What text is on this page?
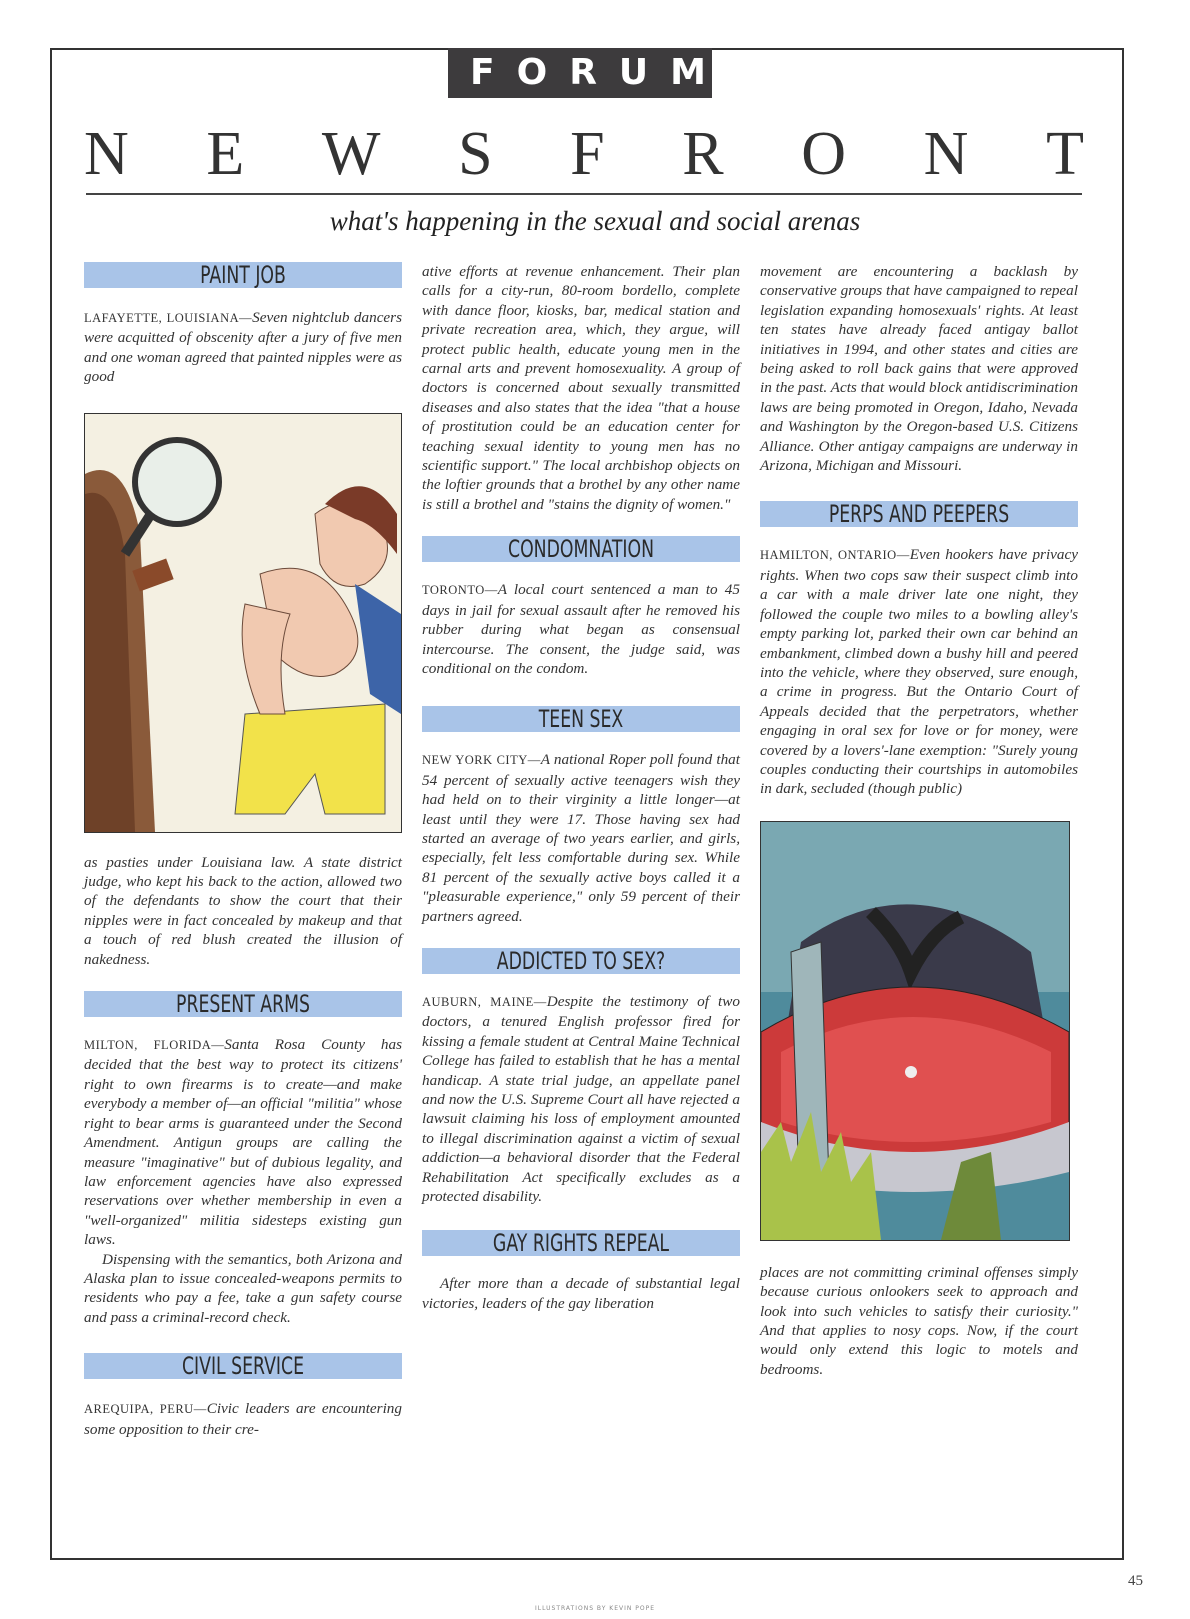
FORUM
N E W S F R O N T
what's happening in the sexual and social arenas
PAINT JOB

LAFAYETTE, LOUISIANA—Seven nightclub dancers were acquitted of obscenity after a jury of five men and one woman agreed that painted nipples were as good

as pasties under Louisiana law. A state district judge, who kept his back to the action, allowed two of the defendants to show the court that their nipples were in fact concealed by makeup and that a touch of red blush created the illusion of nakedness.

PRESENT ARMS

MILTON, FLORIDA—Santa Rosa County has decided that the best way to protect its citizens' right to own firearms is to create—and make everybody a member of—an official "militia" whose right to bear arms is guaranteed under the Second Amendment. Antigun groups are calling the measure "imaginative" but of dubious legality, and law enforcement agencies have also expressed reservations over whether membership in even a "well-organized" militia sidesteps existing gun laws.

Dispensing with the semantics, both Arizona and Alaska plan to issue concealed-weapons permits to residents who pay a fee, take a gun safety course and pass a criminal-record check.

CIVIL SERVICE

AREQUIPA, PERU—Civic leaders are encountering some opposition to their cre-

ative efforts at revenue enhancement. Their plan calls for a city-run, 80-room bordello, complete with dance floor, kiosks, bar, medical station and private recreation area, which, they argue, will protect public health, educate young men in the carnal arts and prevent homosexuality. A group of doctors is concerned about sexually transmitted diseases and also states that the idea "that a house of prostitution could be an education center for teaching sexual identity to young men has no scientific support." The local archbishop objects on the loftier grounds that a brothel by any other name is still a brothel and "stains the dignity of women."

CONDOMNATION

TORONTO—A local court sentenced a man to 45 days in jail for sexual assault after he removed his rubber during what began as consensual intercourse. The consent, the judge said, was conditional on the condom.

TEEN SEX

NEW YORK CITY—A national Roper poll found that 54 percent of sexually active teenagers wish they had held on to their virginity a little longer—at least until they were 17. Those having sex had started an average of two years earlier, and girls, especially, felt less comfortable during sex. While 81 percent of the sexually active boys called it a "pleasurable experience," only 59 percent of their partners agreed.

ADDICTED TO SEX?

AUBURN, MAINE—Despite the testimony of two doctors, a tenured English professor fired for kissing a female student at Central Maine Technical College has failed to establish that he has a mental handicap. A state trial judge, an appellate panel and now the U.S. Supreme Court all have rejected a lawsuit claiming his loss of employment amounted to illegal discrimination against a victim of sexual addiction—a behavioral disorder that the Federal Rehabilitation Act specifically excludes as a protected disability.

GAY RIGHTS REPEAL

After more than a decade of substantial legal victories, leaders of the gay liberation

movement are encountering a backlash by conservative groups that have campaigned to repeal legislation expanding homosexuals' rights. At least ten states have already faced antigay ballot initiatives in 1994, and other states and cities are being asked to roll back gains that were approved in the past. Acts that would block antidiscrimination laws are being promoted in Oregon, Idaho, Nevada and Washington by the Oregon-based U.S. Citizens Alliance. Other antigay campaigns are underway in Arizona, Michigan and Missouri.

PERPS AND PEEPERS

HAMILTON, ONTARIO—Even hookers have privacy rights. When two cops saw their suspect climb into a car with a male driver late one night, they followed the couple two miles to a bowling alley's empty parking lot, parked their own car behind an embankment, climbed down a bushy hill and peered into the vehicle, where they observed, sure enough, a crime in progress. But the Ontario Court of Appeals decided that the perpetrators, whether engaging in oral sex for love or for money, were covered by a lovers'-lane exemption: "Surely young couples conducting their courtships in automobiles in dark, secluded (though public)

places are not committing criminal offenses simply because curious onlookers seek to approach and look into such vehicles to satisfy their curiosity." And that applies to nosy cops. Now, if the court would only extend this logic to motels and bedrooms.

45
ILLUSTRATIONS BY KEVIN POPE
